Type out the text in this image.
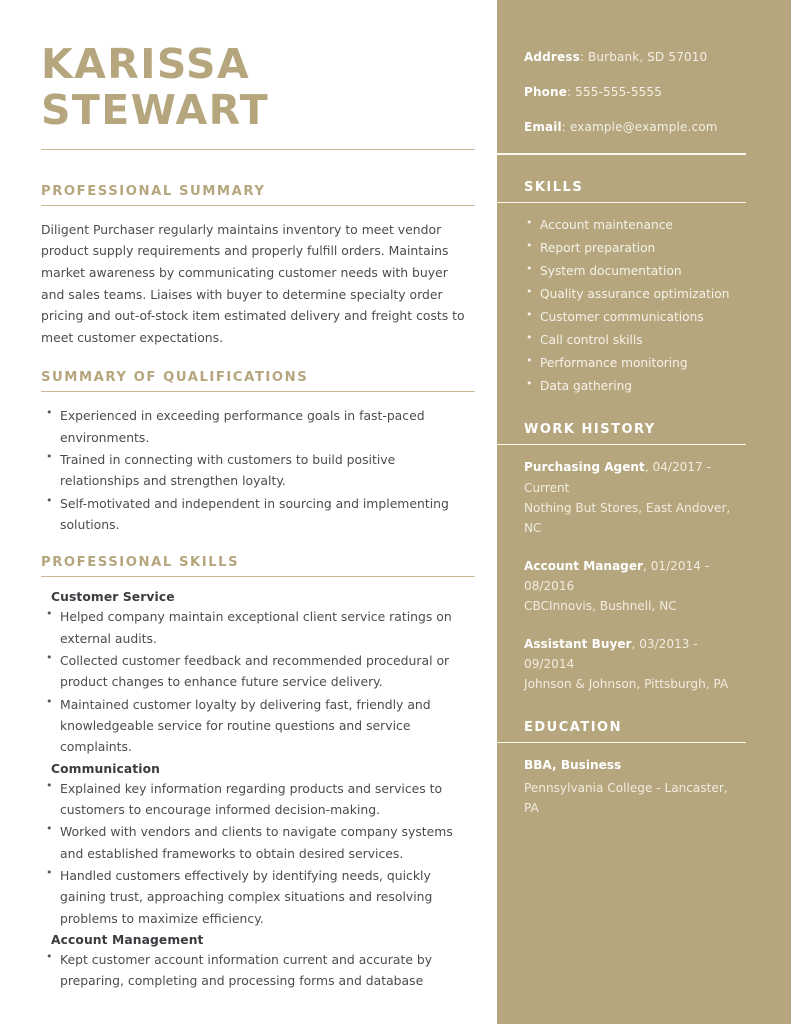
KARISSA
STEWART
PROFESSIONAL SUMMARY

Diligent Purchaser regularly maintains inventory to meet vendor product supply requirements and properly fulfill orders. Maintains market awareness by communicating customer needs with buyer and sales teams. Liaises with buyer to determine specialty order pricing and out-of-stock item estimated delivery and freight costs to meet customer expectations.

SUMMARY OF QUALIFICATIONS
• Experienced in exceeding performance goals in fast-paced environments.
• Trained in connecting with customers to build positive relationships and strengthen loyalty.
• Self-motivated and independent in sourcing and implementing solutions.
PROFESSIONAL SKILLS
Customer Service
• Helped company maintain exceptional client service ratings on external audits.
• Collected customer feedback and recommended procedural or product changes to enhance future service delivery.
• Maintained customer loyalty by delivering fast, friendly and knowledgeable service for routine questions and service complaints.
Communication
• Explained key information regarding products and services to customers to encourage informed decision-making.
• Worked with vendors and clients to navigate company systems and established frameworks to obtain desired services.
• Handled customers effectively by identifying needs, quickly gaining trust, approaching complex situations and resolving problems to maximize efficiency.
Account Management
• Kept customer account information current and accurate by preparing, completing and processing forms and database
Address: Burbank, SD 57010
Phone: 555-555-5555
Email: example@example.com
SKILLS
• Account maintenance
• Report preparation
• System documentation
• Quality assurance optimization
• Customer communications
• Call control skills
• Performance monitoring
• Data gathering
WORK HISTORY
Purchasing Agent, 04/2017 - Current
Nothing But Stores, East Andover, NC
Account Manager, 01/2014 - 08/2016
CBCInnovis, Bushnell, NC
Assistant Buyer, 03/2013 - 09/2014
Johnson & Johnson, Pittsburgh, PA
EDUCATION
BBA, Business
Pennsylvania College - Lancaster, PA
